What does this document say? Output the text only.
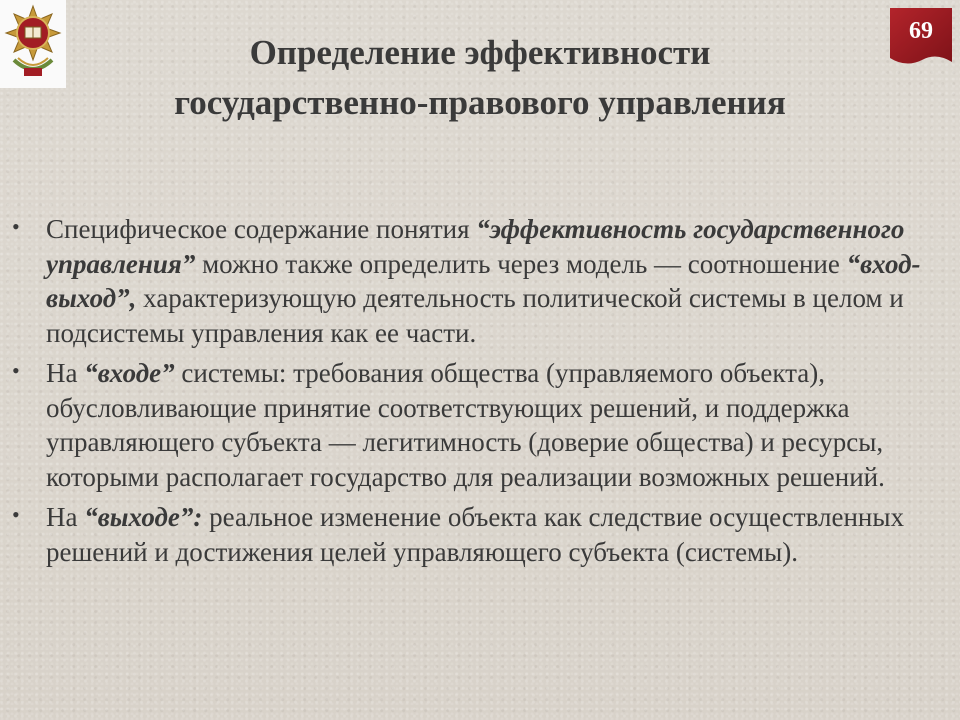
69
Определение эффективности
государственно-правового управления
• Специфическое содержание понятия “эффективность государственного управления” можно также определить через модель — соотношение “вход-выход”, характеризующую деятельность политической системы в целом и подсистемы управления как ее части.
• На “входе” системы: требования общества (управляемого объекта), обусловливающие принятие соответствующих решений, и поддержка управляющего субъекта — легитимность (доверие общества) и ресурсы, которыми располагает государство для реализации возможных решений.
• На “выходе”: реальное изменение объекта как следствие осуществленных решений и достижения целей управляющего субъекта (системы).
